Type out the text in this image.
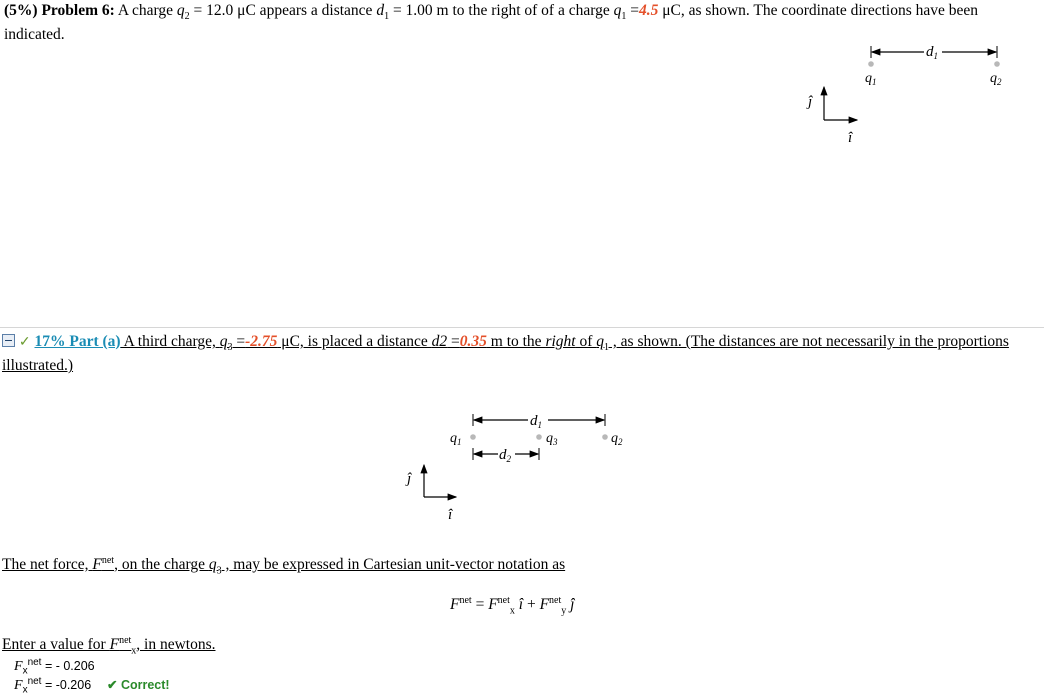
(5%) Problem 6: A charge $q_2 = 12.0$ μC appears a distance $d_1 = 1.00$ m to the right of of a charge $q_1 =4.5$ μC, as shown. The coordinate directions have been indicated.
$d_1$
$q_1$	$q_2$
ĵ
î
✓ 17% Part (a) A third charge, $q_3 =-2.75$ μC, is placed a distance d2 =0.35 m to the right of $q_1$ , as shown. (The distances are not necessarily in the proportions illustrated.)
$d_1$
$q_1$	$q_3$	$q_2$
$d_2$
ĵ
î
The net force, $F^{net}$, on the charge $q_3$ , may be expressed in Cartesian unit-vector notation as
$F^{net} = F^{net}_x$ î + $F^{net}_y$ ĵ
Enter a value for $F^{net}_x$, in newtons.
$F_x^{net}$ = - 0.206
$F_x^{net} = -0.206$ ✔ Correct!
